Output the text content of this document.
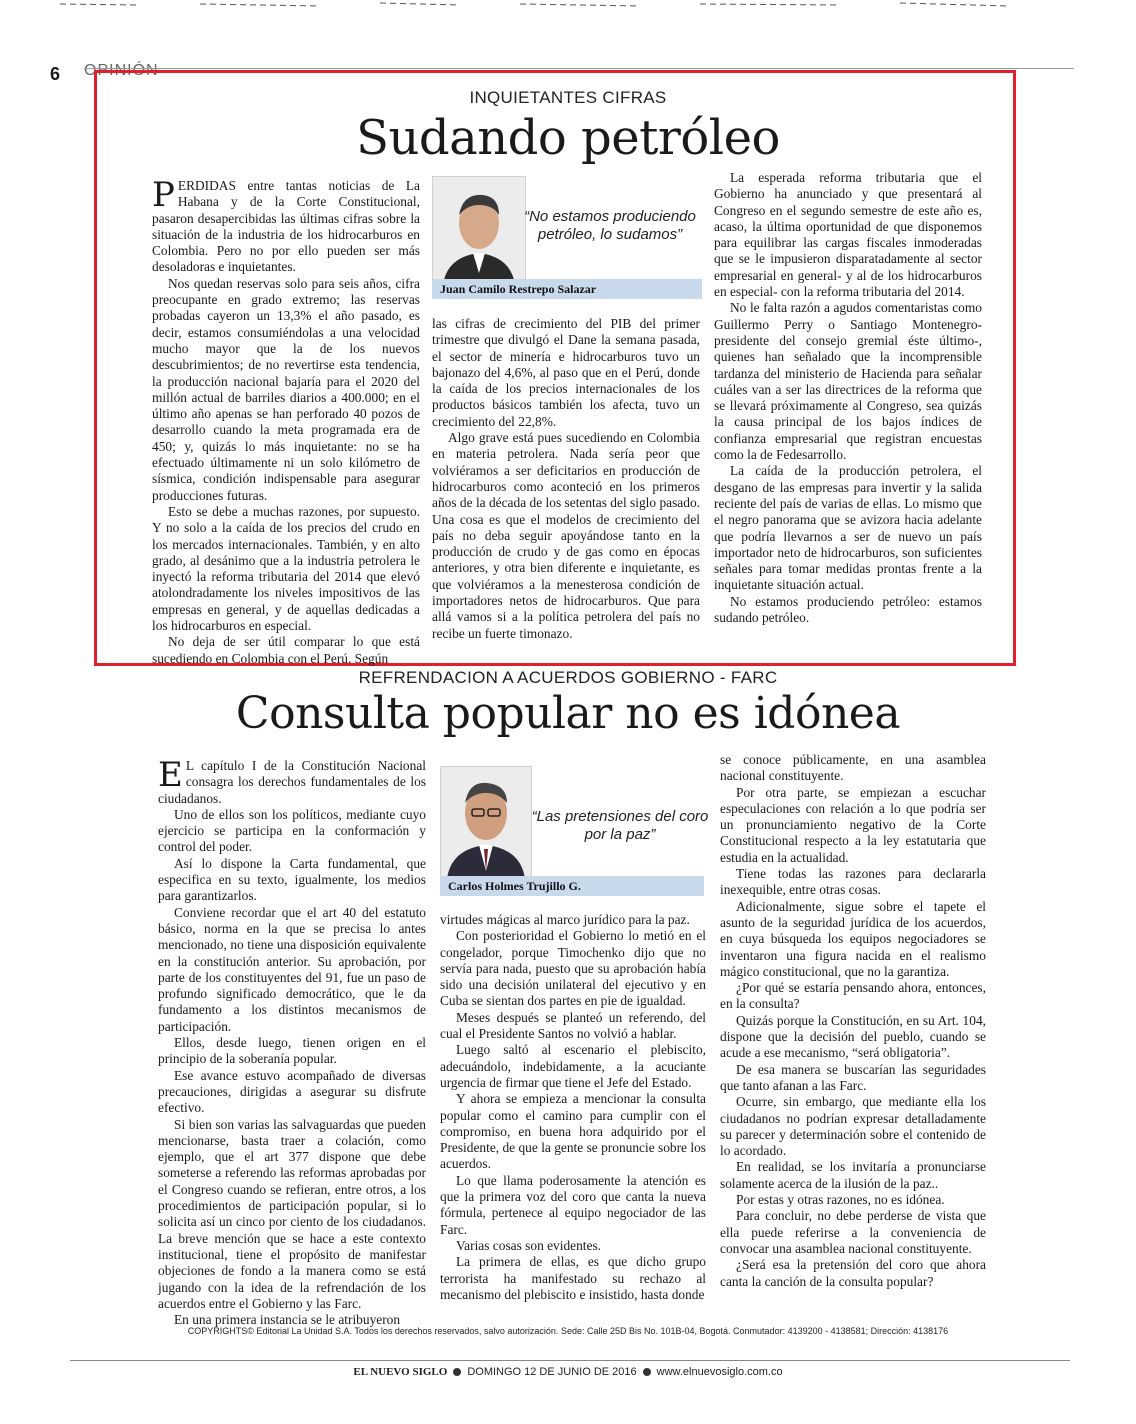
6 OPINIÓN
INQUIETANTES CIFRAS
Sudando petróleo

PERDIDAS entre tantas noticias de La Habana y de la Corte Constitucional, pasaron desapercibidas las últimas cifras sobre la situación de la industria de los hidrocarburos en Colombia. Pero no por ello pueden ser más desoladoras e inquietantes.

Nos quedan reservas solo para seis años, cifra preocupante en grado extremo; las reservas probadas cayeron un 13,3% el año pasado, es decir, estamos consumiéndolas a una velocidad mucho mayor que la de los nuevos descubrimientos; de no revertirse esta tendencia, la producción nacional bajaría para el 2020 del millón actual de barriles diarios a 400.000; en el último año apenas se han perforado 40 pozos de desarrollo cuando la meta programada era de 450; y, quizás lo más inquietante: no se ha efectuado últimamente ni un solo kilómetro de sísmica, condición indispensable para asegurar producciones futuras.

Esto se debe a muchas razones, por supuesto. Y no solo a la caída de los precios del crudo en los mercados internacionales. También, y en alto grado, al desánimo que a la industria petrolera le inyectó la reforma tributaria del 2014 que elevó atolondradamente los niveles impositivos de las empresas en general, y de aquellas dedicadas a los hidrocarburos en especial.

No deja de ser útil comparar lo que está sucediendo en Colombia con el Perú. Según

“No estamos produciendo petróleo, lo sudamos”
Juan Camilo Restrepo Salazar

las cifras de crecimiento del PIB del primer trimestre que divulgó el Dane la semana pasada, el sector de minería e hidrocarburos tuvo un bajonazo del 4,6%, al paso que en el Perú, donde la caída de los precios internacionales de los productos básicos también los afecta, tuvo un crecimiento del 22,8%.

Algo grave está pues sucediendo en Colombia en materia petrolera. Nada sería peor que volviéramos a ser deficitarios en producción de hidrocarburos como aconteció en los primeros años de la década de los setentas del siglo pasado. Una cosa es que el modelos de crecimiento del país no deba seguir apoyándose tanto en la producción de crudo y de gas como en épocas anteriores, y otra bien diferente e inquietante, es que volviéramos a la menesterosa condición de importadores netos de hidrocarburos. Que para allá vamos si a la política petrolera del país no recibe un fuerte timonazo.

La esperada reforma tributaria que el Gobierno ha anunciado y que presentará al Congreso en el segundo semestre de este año es, acaso, la última oportunidad de que disponemos para equilibrar las cargas fiscales inmoderadas que se le impusieron disparatadamente al sector empresarial en general- y al de los hidrocarburos en especial- con la reforma tributaria del 2014.

No le falta razón a agudos comentaristas como Guillermo Perry o Santiago Montenegro- presidente del consejo gremial éste último-, quienes han señalado que la incomprensible tardanza del ministerio de Hacienda para señalar cuáles van a ser las directrices de la reforma que se llevará próximamente al Congreso, sea quizás la causa principal de los bajos índices de confianza empresarial que registran encuestas como la de Fedesarrollo.

La caída de la producción petrolera, el desgano de las empresas para invertir y la salida reciente del país de varias de ellas. Lo mismo que el negro panorama que se avizora hacia adelante que podría llevarnos a ser de nuevo un país importador neto de hidrocarburos, son suficientes señales para tomar medidas prontas frente a la inquietante situación actual.

No estamos produciendo petróleo: estamos sudando petróleo.

REFRENDACION A ACUERDOS GOBIERNO - FARC
Consulta popular no es idónea

E L capítulo I de la Constitución Nacional consagra los derechos fundamentales de los ciudadanos.

Uno de ellos son los políticos, mediante cuyo ejercicio se participa en la conformación y control del poder.

Así lo dispone la Carta fundamental, que especifica en su texto, igualmente, los medios para garantizarlos.

Conviene recordar que el art 40 del estatuto básico, norma en la que se precisa lo antes mencionado, no tiene una disposición equivalente en la constitución anterior. Su aprobación, por parte de los constituyentes del 91, fue un paso de profundo significado democrático, que le da fundamento a los distintos mecanismos de participación.

Ellos, desde luego, tienen origen en el principio de la soberanía popular.

Ese avance estuvo acompañado de diversas precauciones, dirigidas a asegurar su disfrute efectivo.

Si bien son varias las salvaguardas que pueden mencionarse, basta traer a colación, como ejemplo, que el art 377 dispone que debe someterse a referendo las reformas aprobadas por el Congreso cuando se refieran, entre otros, a los procedimientos de participación popular, si lo solicita así un cinco por ciento de los ciudadanos. La breve mención que se hace a este contexto institucional, tiene el propósito de manifestar objeciones de fondo a la manera como se está jugando con la idea de la refrendación de los acuerdos entre el Gobierno y las Farc.

En una primera instancia se le atribuyeron

“Las pretensiones del coro por la paz”
Carlos Holmes Trujillo G.

virtudes mágicas al marco jurídico para la paz.

Con posterioridad el Gobierno lo metió en el congelador, porque Timochenko dijo que no servía para nada, puesto que su aprobación había sido una decisión unilateral del ejecutivo y en Cuba se sientan dos partes en pie de igualdad.

Meses después se planteó un referendo, del cual el Presidente Santos no volvió a hablar.

Luego saltó al escenario el plebiscito, adecuándolo, indebidamente, a la acuciante urgencia de firmar que tiene el Jefe del Estado.

Y ahora se empieza a mencionar la consulta popular como el camino para cumplir con el compromiso, en buena hora adquirido por el Presidente, de que la gente se pronuncie sobre los acuerdos.

Lo que llama poderosamente la atención es que la primera voz del coro que canta la nueva fórmula, pertenece al equipo negociador de las Farc.

Varias cosas son evidentes.

La primera de ellas, es que dicho grupo terrorista ha manifestado su rechazo al mecanismo del plebiscito e insistido, hasta donde

se conoce públicamente, en una asamblea nacional constituyente.

Por otra parte, se empiezan a escuchar especulaciones con relación a lo que podría ser un pronunciamiento negativo de la Corte Constitucional respecto a la ley estatutaria que estudia en la actualidad.

Tiene todas las razones para declararla inexequible, entre otras cosas.

Adicionalmente, sigue sobre el tapete el asunto de la seguridad jurídica de los acuerdos, en cuya búsqueda los equipos negociadores se inventaron una figura nacida en el realismo mágico constitucional, que no la garantiza.

¿Por qué se estaría pensando ahora, entonces, en la consulta?

Quizás porque la Constitución, en su Art. 104, dispone que la decisión del pueblo, cuando se acude a ese mecanismo, “será obligatoria”.

De esa manera se buscarían las seguridades que tanto afanan a las Farc.

Ocurre, sin embargo, que mediante ella los ciudadanos no podrían expresar detalladamente su parecer y determinación sobre el contenido de lo acordado.

En realidad, se los invitaría a pronunciarse solamente acerca de la ilusión de la paz..

Por estas y otras razones, no es idónea.

Para concluir, no debe perderse de vista que ella puede referirse a la conveniencia de convocar una asamblea nacional constituyente.

¿Será esa la pretensión del coro que ahora canta la canción de la consulta popular?

COPYRIGHTS© Editorial La Unidad S.A. Todos los derechos reservados, salvo autorización. Sede: Calle 25D Bis No. 101B-04, Bogotá. Conmutador: 4139200 - 4138581; Dirección: 4138176
EL NUEVO SIGLO DOMINGO 12 DE JUNIO DE 2016 www.elnuevosiglo.com.co
